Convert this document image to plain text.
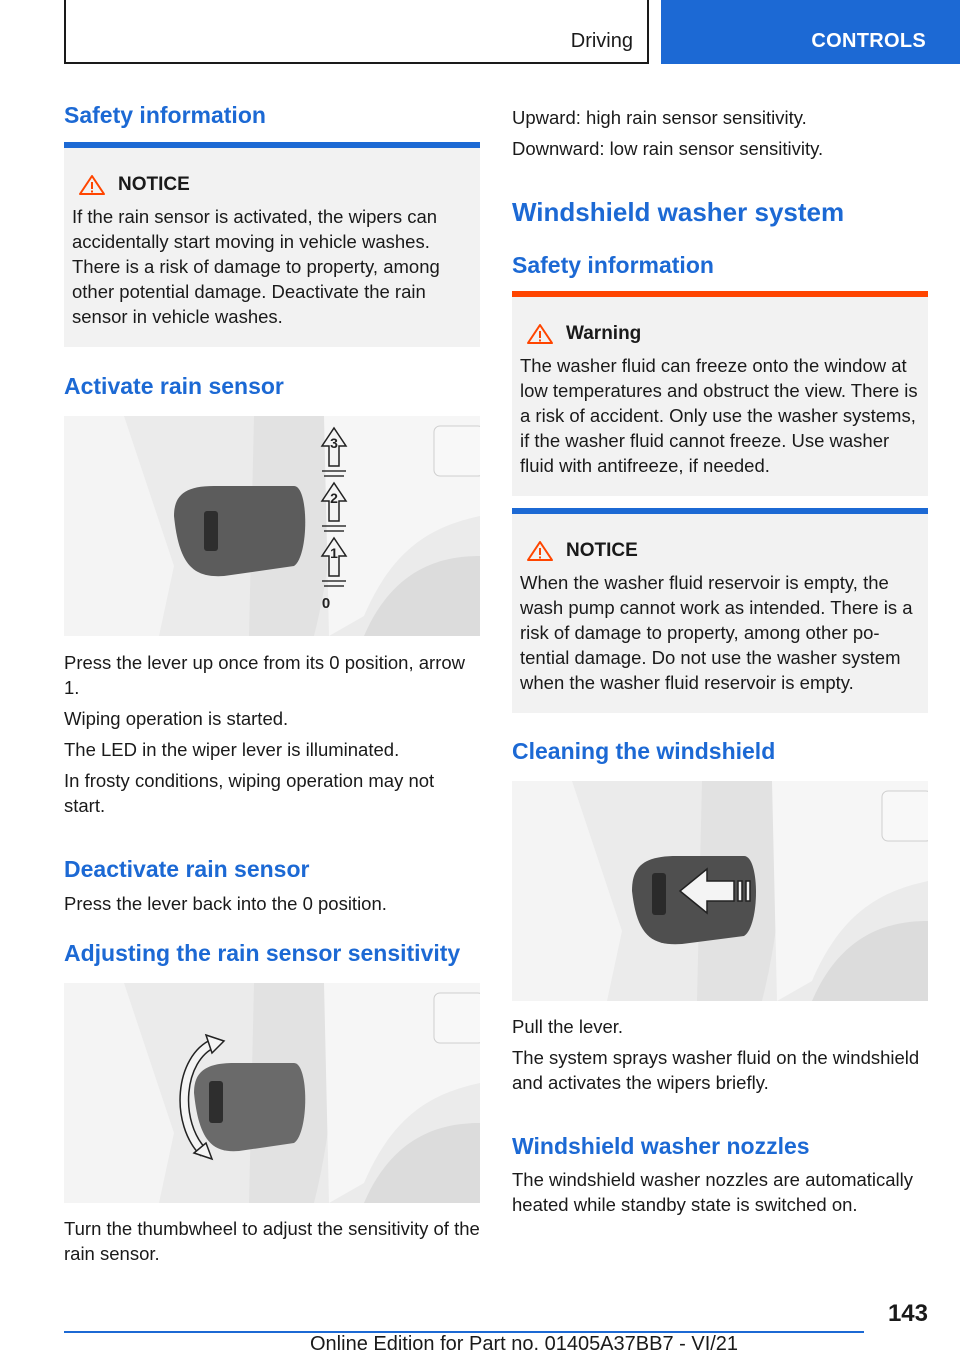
Driving	CONTROLS
Safety information
NOTICE
If the rain sensor is activated, the wipers can accidentally start moving in vehicle washes. There is a risk of damage to property, among other potential damage. Deactivate the rain sensor in vehicle washes.
Activate rain sensor
1
2
3
0
Press the lever up once from its 0 position, arrow 1.
Wiping operation is started.
The LED in the wiper lever is illuminated.
In frosty conditions, wiping operation may not start.
Deactivate rain sensor
Press the lever back into the 0 position.
Adjusting the rain sensor sensitivity
Turn the thumbwheel to adjust the sensitivity of the rain sensor.
Upward: high rain sensor sensitivity.
Downward: low rain sensor sensitivity.
Windshield washer system
Safety information
Warning
The washer fluid can freeze onto the window at low temperatures and obstruct the view. There is a risk of accident. Only use the washer systems, if the washer fluid cannot freeze. Use washer fluid with antifreeze, if needed.
NOTICE
When the washer fluid reservoir is empty, the wash pump cannot work as intended. There is a risk of damage to property, among other potential damage. Do not use the washer system when the washer fluid reservoir is empty.
Cleaning the windshield
Pull the lever.
The system sprays washer fluid on the windshield and activates the wipers briefly.
Windshield washer nozzles
The windshield washer nozzles are automatically heated while standby state is switched on.
143
Online Edition for Part no. 01405A37BB7 - VI/21
